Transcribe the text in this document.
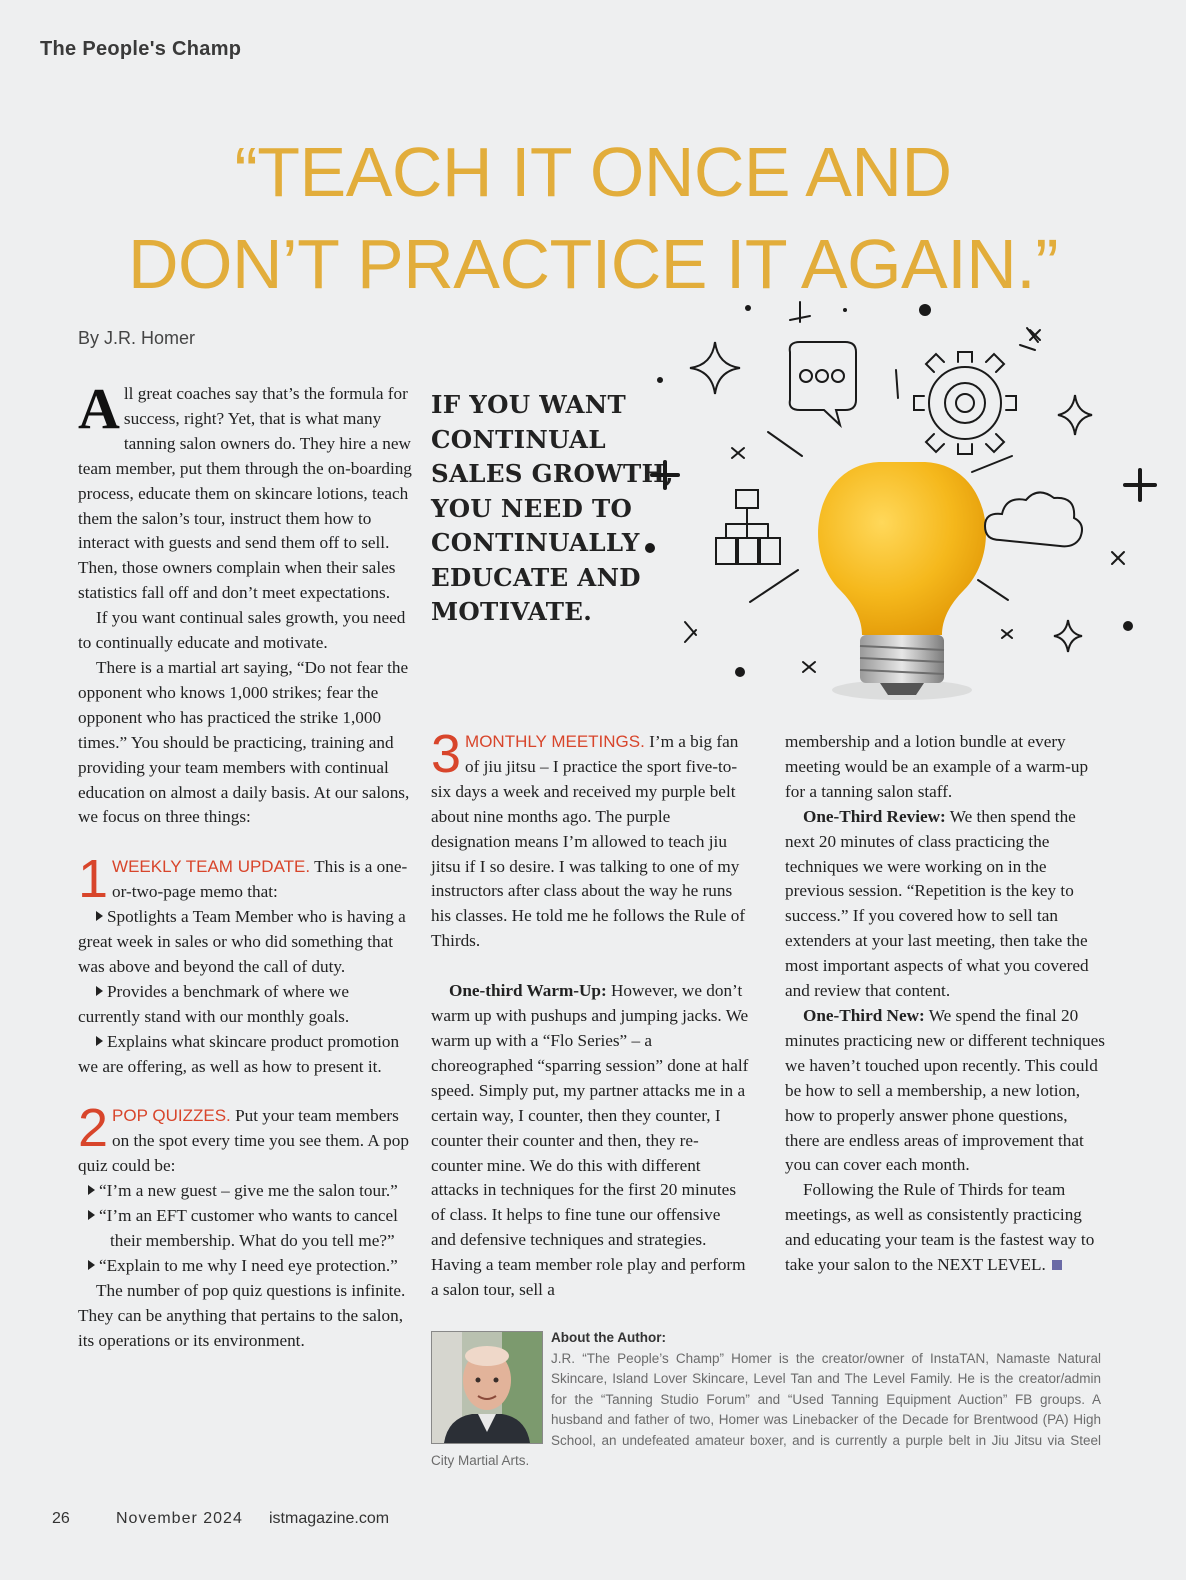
The People's Champ
“TEACH IT ONCE AND
DON’T PRACTICE IT AGAIN.”
By J.R. Homer

All great coaches say that’s the formula for success, right? Yet, that is what many tanning salon owners do. They hire a new team member, put them through the on-boarding process, educate them on skincare lotions, teach them the salon’s tour, instruct them how to interact with guests and send them off to sell. Then, those owners complain when their sales statistics fall off and don’t meet expectations.

If you want continual sales growth, you need to continually educate and motivate.

There is a martial art saying, “Do not fear the opponent who knows 1,000 strikes; fear the opponent who has practiced the strike 1,000 times.” You should be practicing, training and providing your team members with continual education on almost a daily basis. At our salons, we focus on three things:

1 WEEKLY TEAM UPDATE. This is a one-or-two-page memo that:

Spotlights a Team Member who is having a great week in sales or who did something that was above and beyond the call of duty.

Provides a benchmark of where we currently stand with our monthly goals.

Explains what skincare product promotion we are offering, as well as how to present it.

2 POP QUIZZES. Put your team members on the spot every time you see them. A pop quiz could be:

“I’m a new guest – give me the salon tour.”

“I’m an EFT customer who wants to cancel their membership. What do you tell me?”

“Explain to me why I need eye protection.”

The number of pop quiz questions is infinite. They can be anything that pertains to the salon, its operations or its environment.

IF YOU WANT CONTINUAL SALES GROWTH, YOU NEED TO CONTINUALLY EDUCATE AND MOTIVATE.

3 MONTHLY MEETINGS. I’m a big fan of jiu jitsu – I practice the sport five-to-six days a week and received my purple belt about nine months ago. The purple designation means I’m allowed to teach jiu jitsu if I so desire. I was talking to one of my instructors after class about the way he runs his classes. He told me he follows the Rule of Thirds.

One-third Warm-Up: However, we don’t warm up with pushups and jumping jacks. We warm up with a “Flo Series” – a choreographed “sparring session” done at half speed. Simply put, my partner attacks me in a certain way, I counter, then they counter, I counter their counter and then, they re-counter mine. We do this with different attacks in techniques for the first 20 minutes of class. It helps to fine tune our offensive and defensive techniques and strategies. Having a team member role play and perform a salon tour, sell a

membership and a lotion bundle at every meeting would be an example of a warm-up for a tanning salon staff.

One-Third Review: We then spend the next 20 minutes of class practicing the techniques we were working on in the previous session. “Repetition is the key to success.” If you covered how to sell tan extenders at your last meeting, then take the most important aspects of what you covered and review that content.

One-Third New: We spend the final 20 minutes practicing new or different techniques we haven’t touched upon recently. This could be how to sell a membership, a new lotion, how to properly answer phone questions, there are endless areas of improvement that you can cover each month.

Following the Rule of Thirds for team meetings, as well as consistently practicing and educating your team is the fastest way to take your salon to the NEXT LEVEL.

About the Author:
J.R. “The People’s Champ” Homer is the creator/owner of InstaTAN, Namaste Natural Skincare, Island Lover Skincare, Level Tan and The Level Family. He is the creator/admin for the “Tanning Studio Forum” and “Used Tanning Equipment Auction” FB groups. A husband and father of two, Homer was Linebacker of the Decade for Brentwood (PA) High School, an undefeated amateur boxer, and is currently a purple belt in Jiu Jitsu via Steel City Martial Arts.
26	November 2024 istmagazine.com
